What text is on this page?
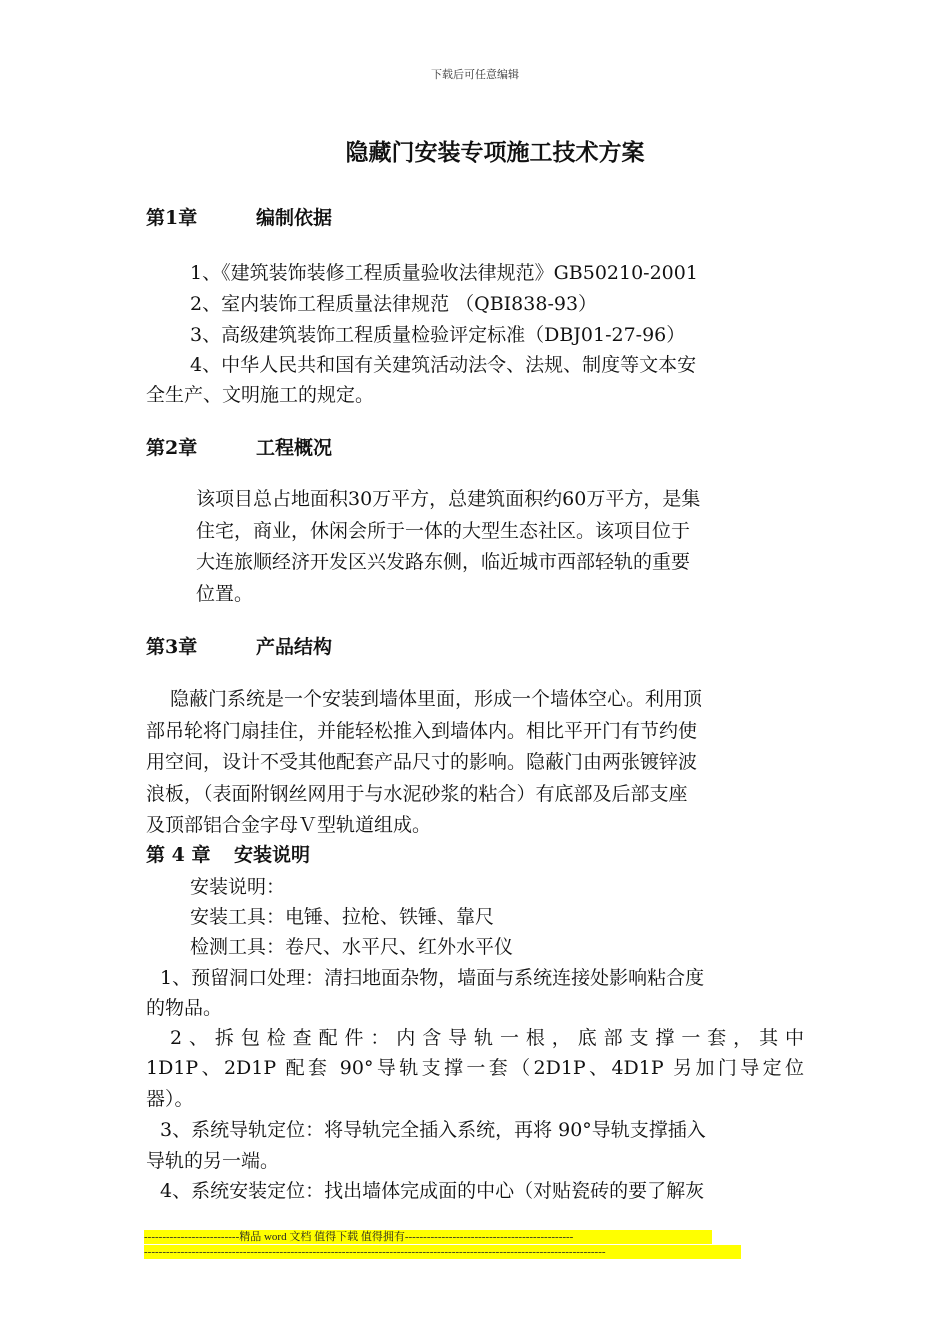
下载后可任意编辑
隐藏门安装专项施工技术方案
第1章	编制依据
1、《建筑装饰装修工程质量验收法律规范》GB50210-2001
2、室内装饰工程质量法律规范 （QBI838-93）
3、高级建筑装饰工程质量检验评定标准（DBJ01-27-96）
4、中华人民共和国有关建筑活动法令、法规、制度等文本安
全生产、文明施工的规定。
第2章	工程概况
该项目总占地面积30万平方，总建筑面积约60万平方，是集
住宅，商业，休闲会所于一体的大型生态社区。该项目位于
大连旅顺经济开发区兴发路东侧，临近城市西部轻轨的重要
位置。
第3章	产品结构
隐蔽门系统是一个安装到墙体里面，形成一个墙体空心。利用顶
部吊轮将门扇挂住，并能轻松推入到墙体内。相比平开门有节约使
用空间，设计不受其他配套产品尺寸的影响。隐蔽门由两张镀锌波
浪板，（表面附钢丝网用于与水泥砂浆的粘合）有底部及后部支座
及顶部铝合金字母Ｖ型轨道组成。
第 4 章 安装说明
安装说明：
安装工具：电锤、拉枪、铁锤、靠尺
检测工具：卷尺、水平尺、红外水平仪
1、预留洞口处理：清扫地面杂物，墙面与系统连接处影响粘合度
的物品。
2、拆包检查配件：内含导轨一根，底部支撑一套，其中
1D1P、2D1P 配套 90°导轨支撑一套（2D1P、4D1P 另加门导定位
器）。
3、系统导轨定位：将导轨完全插入系统，再将 90°导轨支撑插入
导轨的另一端。
4、系统安装定位：找出墙体完成面的中心（对贴瓷砖的要了解灰
--------------------------精品 word 文档 值得下载 值得拥有----------------------------------------------
------------------------------------------------------------------------------------------------------------------------------
